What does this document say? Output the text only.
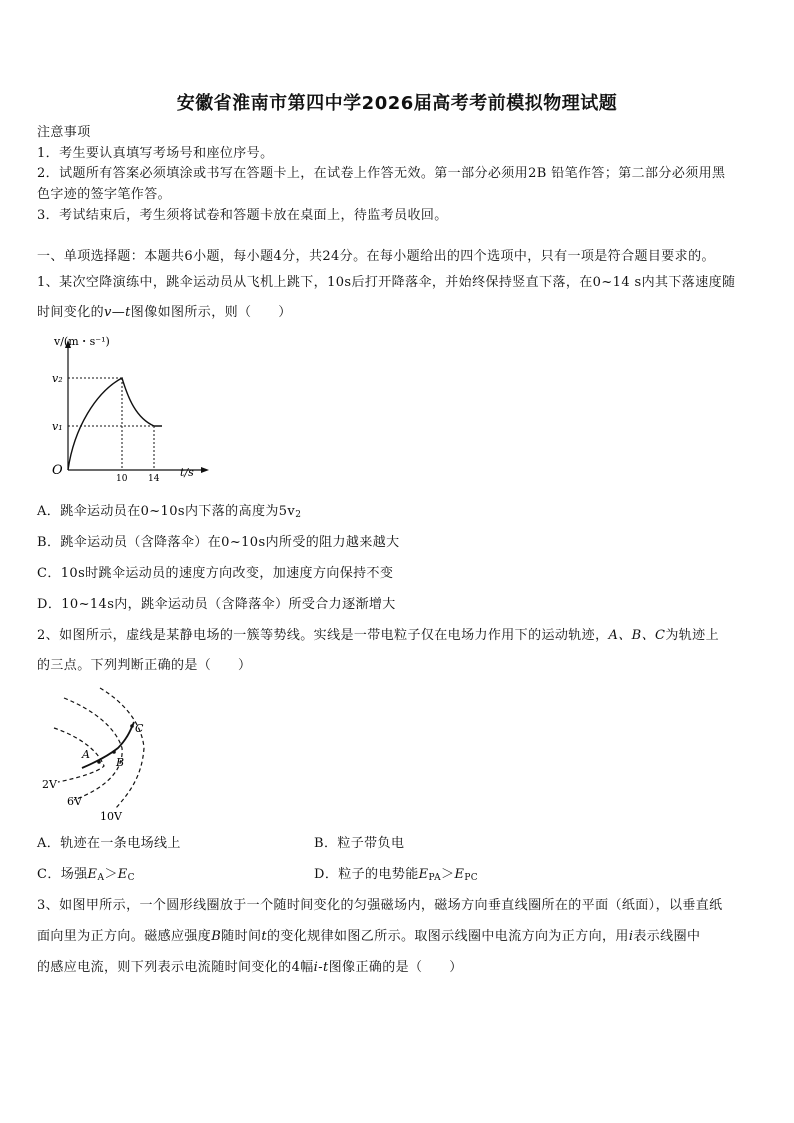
安徽省淮南市第四中学2026届高考考前模拟物理试题
注意事项
1．考生要认真填写考场号和座位序号。
2．试题所有答案必须填涂或书写在答题卡上，在试卷上作答无效。第一部分必须用2B 铅笔作答；第二部分必须用黑
色字迹的签字笔作答。
3．考试结束后，考生须将试卷和答题卡放在桌面上，待监考员收回。
一、单项选择题：本题共6小题，每小题4分，共24分。在每小题给出的四个选项中，只有一项是符合题目要求的。
1、某次空降演练中，跳伞运动员从飞机上跳下，10s后打开降落伞，并始终保持竖直下落，在0~14 s内其下落速度随
时间变化的v—t图像如图所示，则（　　）
v/(m・s⁻¹)
v₂
v₁
O
10 14 t/s
A．跳伞运动员在0~10s内下落的高度为$5v_2$
B．跳伞运动员（含降落伞）在0~10s内所受的阻力越来越大
C．10s时跳伞运动员的速度方向改变，加速度方向保持不变
D．10~14s内，跳伞运动员（含降落伞）所受合力逐渐增大
2、如图所示，虚线是某静电场的一簇等势线。实线是一带电粒子仅在电场力作用下的运动轨迹，A、B、C为轨迹上
的三点。下列判断正确的是（　　）
A
B
C
2V
6V
10V
A．轨迹在一条电场线上	B．粒子带负电
C．场强$E_A>E_C$	D．粒子的电势能$E_{PA}>E_{PC}$
3、如图甲所示，一个圆形线圈放于一个随时间变化的匀强磁场内，磁场方向垂直线圈所在的平面（纸面），以垂直纸
面向里为正方向。磁感应强度B随时间t的变化规律如图乙所示。取图示线圈中电流方向为正方向，用i表示线圈中
的感应电流，则下列表示电流随时间变化的4幅i-t图像正确的是（　　）
